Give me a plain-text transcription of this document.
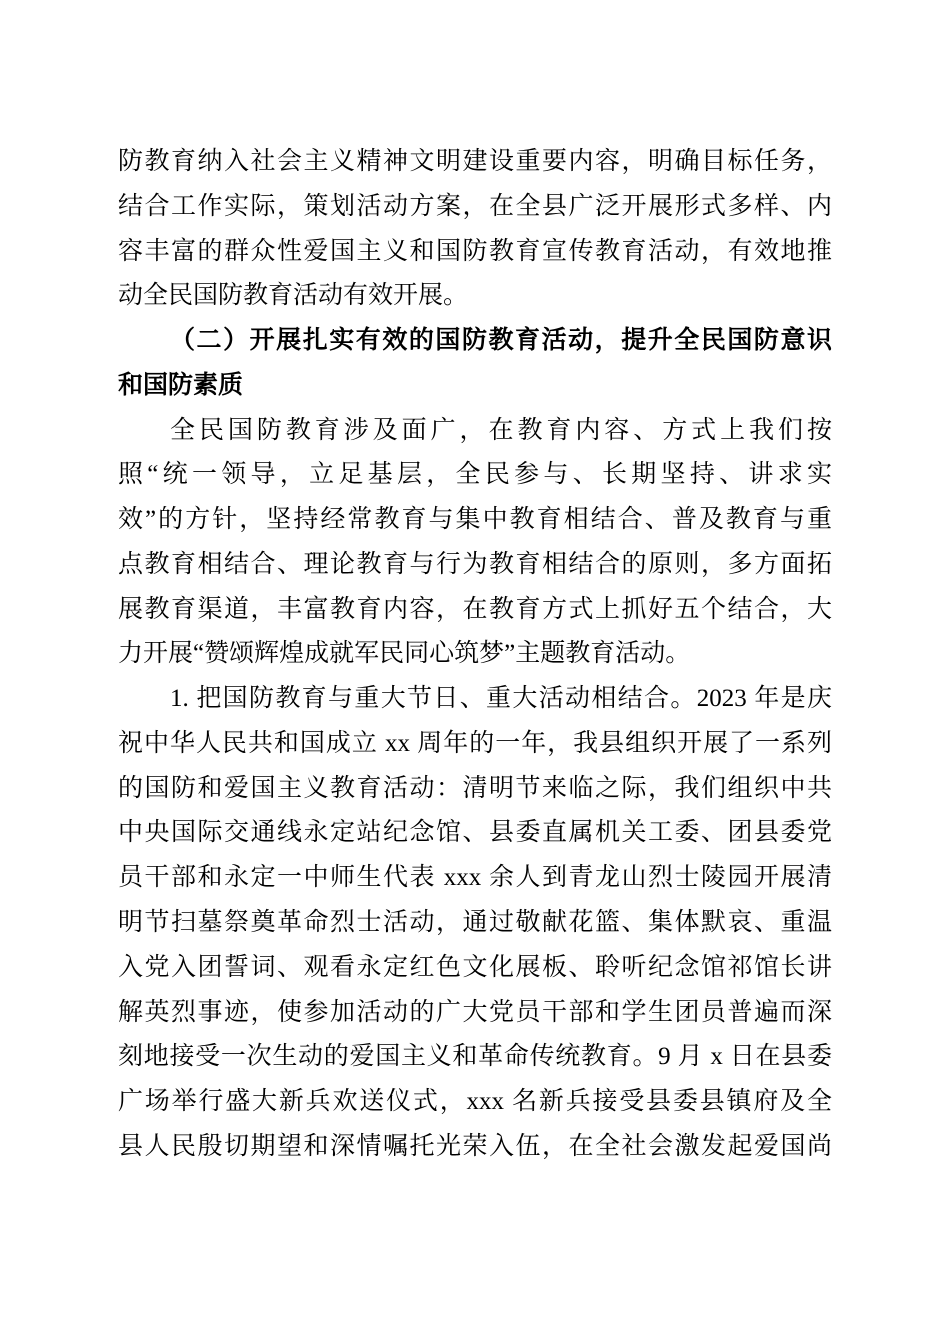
防教育纳入社会主义精神文明建设重要内容，明确目标任务，
结合工作实际，策划活动方案，在全县广泛开展形式多样、内
容丰富的群众性爱国主义和国防教育宣传教育活动，有效地推
动全民国防教育活动有效开展。
（二）开展扎实有效的国防教育活动，提升全民国防意识
和国防素质
全民国防教育涉及面广，在教育内容、方式上我们按
照“统一领导，立足基层，全民参与、长期坚持、讲求实
效”的方针，坚持经常教育与集中教育相结合、普及教育与重
点教育相结合、理论教育与行为教育相结合的原则，多方面拓
展教育渠道，丰富教育内容，在教育方式上抓好五个结合，大
力开展“赞颂辉煌成就军民同心筑梦”主题教育活动。
1. 把国防教育与重大节日、重大活动相结合。2023 年是庆
祝中华人民共和国成立 xx 周年的一年，我县组织开展了一系列
的国防和爱国主义教育活动：清明节来临之际，我们组织中共
中央国际交通线永定站纪念馆、县委直属机关工委、团县委党
员干部和永定一中师生代表 xxx 余人到青龙山烈士陵园开展清
明节扫墓祭奠革命烈士活动，通过敬献花篮、集体默哀、重温
入党入团誓词、观看永定红色文化展板、聆听纪念馆祁馆长讲
解英烈事迹，使参加活动的广大党员干部和学生团员普遍而深
刻地接受一次生动的爱国主义和革命传统教育。9 月 x 日在县委
广场举行盛大新兵欢送仪式，xxx 名新兵接受县委县镇府及全
县人民殷切期望和深情嘱托光荣入伍，在全社会激发起爱国尚
